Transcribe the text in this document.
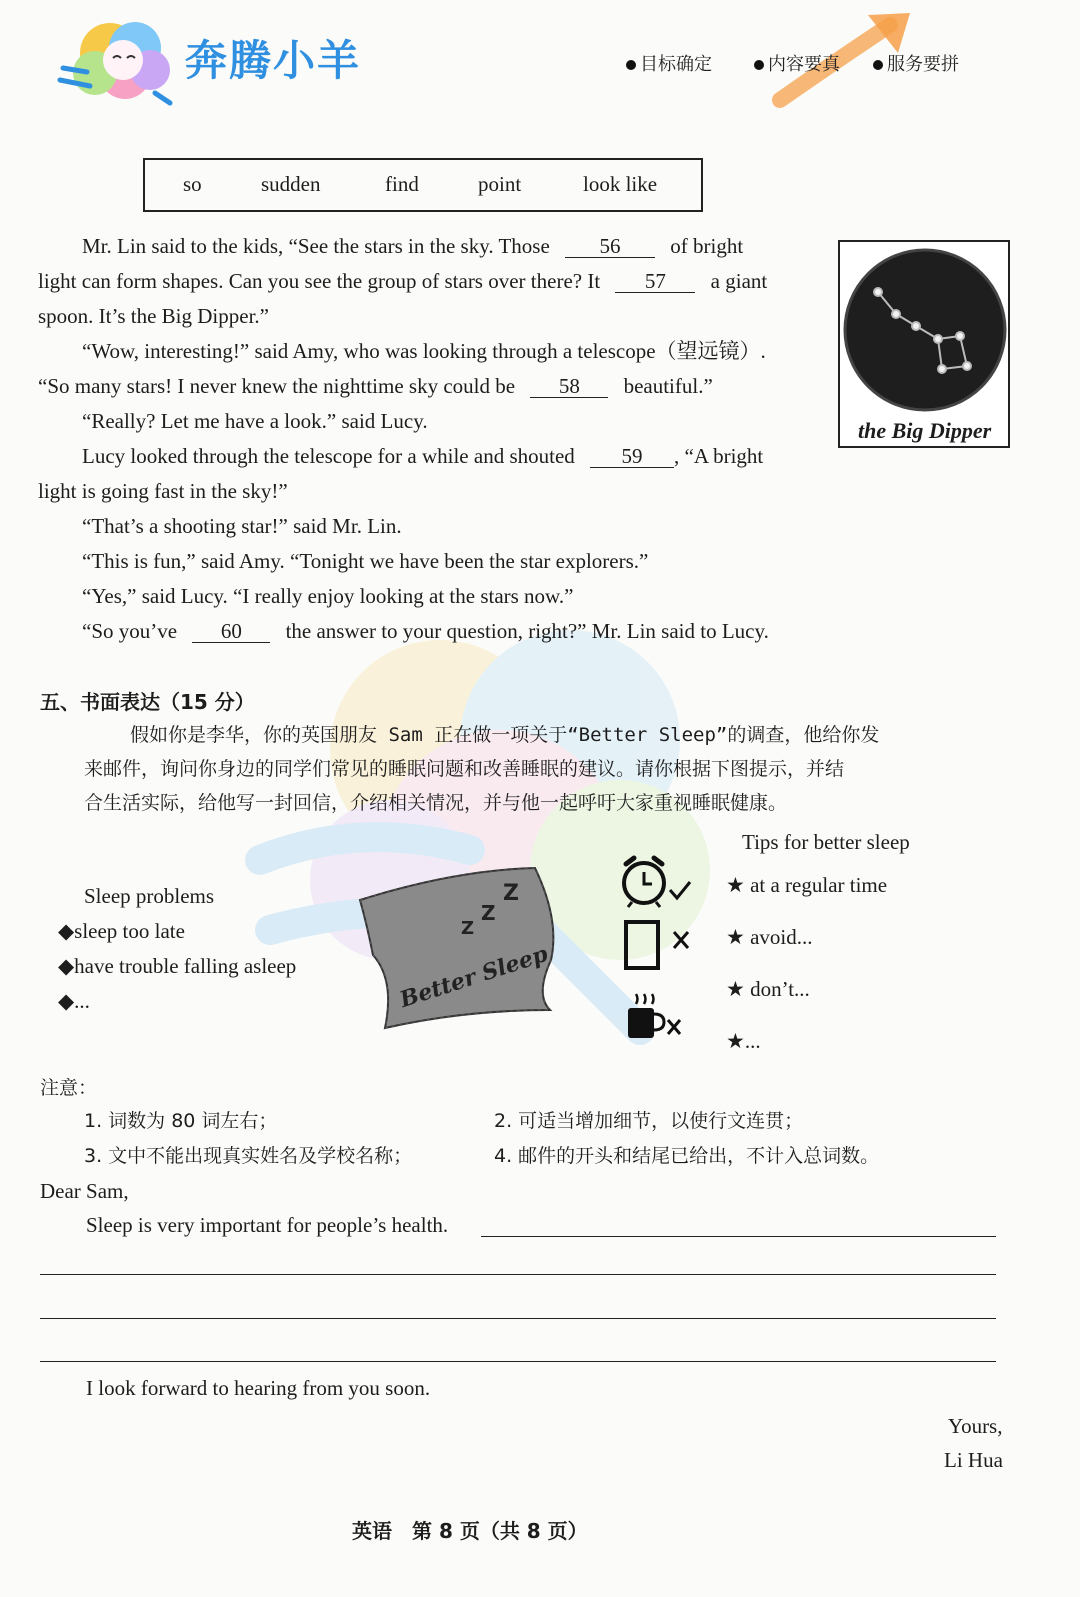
奔腾小羊	目标确定	内容要真	服务要拼
so	sudden	find	point	look like
Mr. Lin said to the kids, “See the stars in the sky. Those 56 of bright
light can form shapes. Can you see the group of stars over there? It 57 a giant
spoon. It’s the Big Dipper.”
“Wow, interesting!” said Amy, who was looking through a telescope（望远镜）.
“So many stars! I never knew the nighttime sky could be 58 beautiful.”
“Really? Let me have a look.” said Lucy.
Lucy looked through the telescope for a while and shouted 59 , “A bright
light is going fast in the sky!”
“That’s a shooting star!” said Mr. Lin.
“This is fun,” said Amy. “Tonight we have been the star explorers.”
“Yes,” said Lucy. “I really enjoy looking at the stars now.”
“So you’ve 60 the answer to your question, right?” Mr. Lin said to Lucy.
the Big Dipper
五、书面表达（15 分）
假如你是李华，你的英国朋友 Sam 正在做一项关于“Better Sleep”的调查，他给你发
来邮件，询问你身边的同学们常见的睡眠问题和改善睡眠的建议。请你根据下图提示，并结
合生活实际，给他写一封回信，介绍相关情况，并与他一起呼吁大家重视睡眠健康。
Sleep problems
◆sleep too late
◆have trouble falling asleep
◆...
Z
Z
Z
Better Sleep
Tips for better sleep
★ at a regular time
★ avoid...
★ don’t...
★...
注意：
1. 词数为 80 词左右；	2. 可适当增加细节，以使行文连贯；
3. 文中不能出现真实姓名及学校名称；	4. 邮件的开头和结尾已给出，不计入总词数。
Dear Sam,
Sleep is very important for people’s health.
I look forward to hearing from you soon.
Yours,
Li Hua
英语　第 8 页（共 8 页）
